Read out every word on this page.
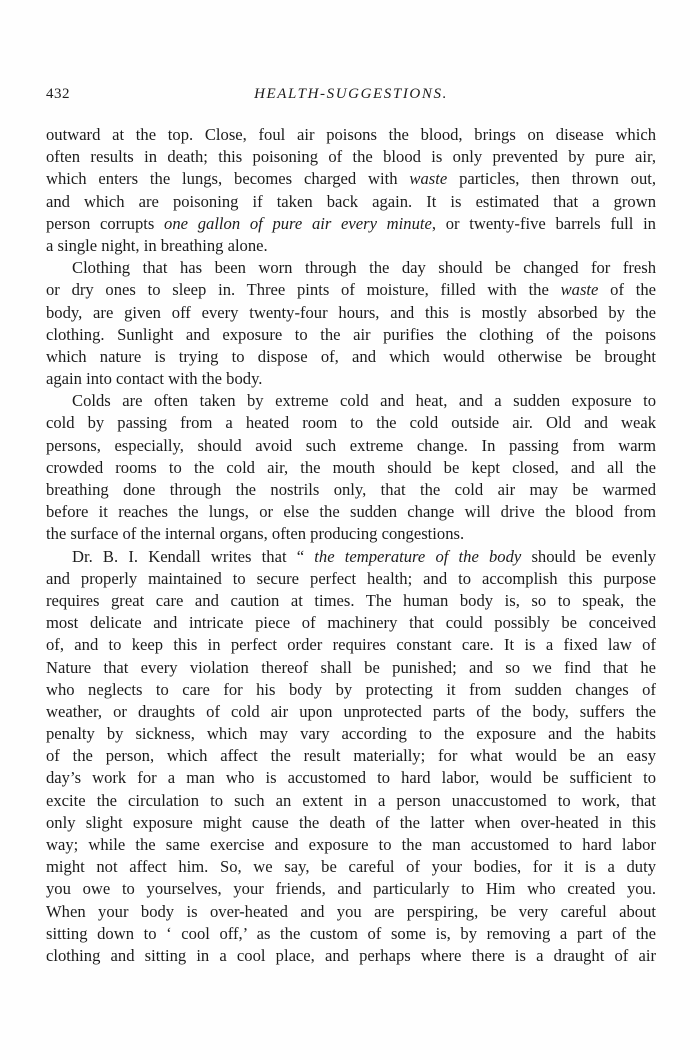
432	HEALTH-SUGGESTIONS.
outward at the top. Close, foul air poisons the blood, brings on disease which
often results in death; this poisoning of the blood is only prevented by pure air,
which enters the lungs, becomes charged with waste particles, then thrown out,
and which are poisoning if taken back again. It is estimated that a grown
person corrupts one gallon of pure air every minute, or twenty-five barrels full in
a single night, in breathing alone.
Clothing that has been worn through the day should be changed for fresh
or dry ones to sleep in. Three pints of moisture, filled with the waste of the
body, are given off every twenty-four hours, and this is mostly absorbed by the
clothing. Sunlight and exposure to the air purifies the clothing of the poisons
which nature is trying to dispose of, and which would otherwise be brought
again into contact with the body.
Colds are often taken by extreme cold and heat, and a sudden exposure to
cold by passing from a heated room to the cold outside air. Old and weak
persons, especially, should avoid such extreme change. In passing from warm
crowded rooms to the cold air, the mouth should be kept closed, and all the
breathing done through the nostrils only, that the cold air may be warmed
before it reaches the lungs, or else the sudden change will drive the blood from
the surface of the internal organs, often producing congestions.
Dr. B. I. Kendall writes that “ the temperature of the body should be evenly
and properly maintained to secure perfect health; and to accomplish this purpose
requires great care and caution at times. The human body is, so to speak, the
most delicate and intricate piece of machinery that could possibly be conceived
of, and to keep this in perfect order requires constant care. It is a fixed law of
Nature that every violation thereof shall be punished; and so we find that he
who neglects to care for his body by protecting it from sudden changes of
weather, or draughts of cold air upon unprotected parts of the body, suffers the
penalty by sickness, which may vary according to the exposure and the habits
of the person, which affect the result materially; for what would be an easy
day’s work for a man who is accustomed to hard labor, would be sufficient to
excite the circulation to such an extent in a person unaccustomed to work, that
only slight exposure might cause the death of the latter when over-heated in this
way; while the same exercise and exposure to the man accustomed to hard labor
might not affect him. So, we say, be careful of your bodies, for it is a duty
you owe to yourselves, your friends, and particularly to Him who created you.
When your body is over-heated and you are perspiring, be very careful about
sitting down to ‘ cool off,’ as the custom of some is, by removing a part of the
clothing and sitting in a cool place, and perhaps where there is a draught of air
